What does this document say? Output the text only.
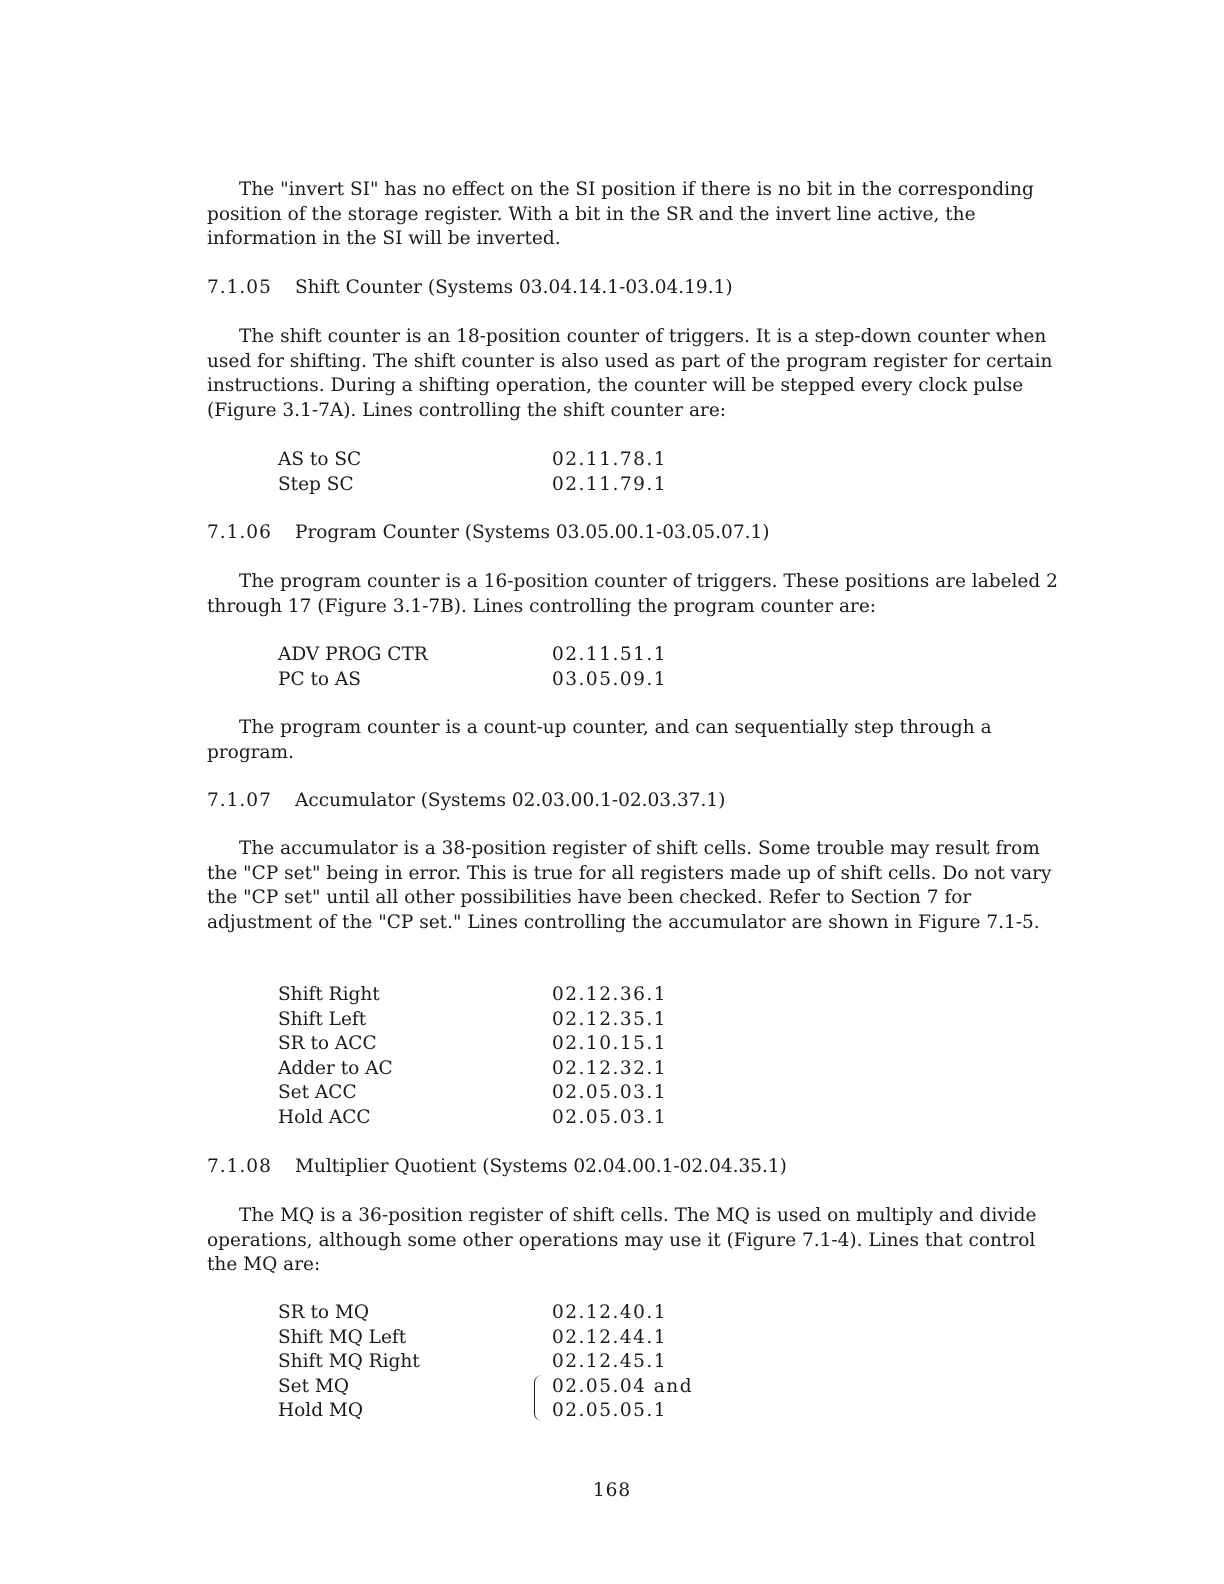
The "invert SI" has no effect on the SI position if there is no bit in the corresponding position of the storage register. With a bit in the SR and the invert line active, the information in the SI will be inverted.

7.1.05 Shift Counter (Systems 03.04.14.1-03.04.19.1)

The shift counter is an 18-position counter of triggers. It is a step-down counter when used for shifting. The shift counter is also used as part of the program register for certain instructions. During a shifting operation, the counter will be stepped every clock pulse (Figure 3.1-7A). Lines controlling the shift counter are:

AS to SC	02.11.78.1
Step SC	02.11.79.1

7.1.06 Program Counter (Systems 03.05.00.1-03.05.07.1)

The program counter is a 16-position counter of triggers. These positions are labeled 2 through 17 (Figure 3.1-7B). Lines controlling the program counter are:

ADV PROG CTR	02.11.51.1
PC to AS	03.05.09.1

The program counter is a count-up counter, and can sequentially step through a program.

7.1.07 Accumulator (Systems 02.03.00.1-02.03.37.1)

The accumulator is a 38-position register of shift cells. Some trouble may result from the "CP set" being in error. This is true for all registers made up of shift cells. Do not vary the "CP set" until all other possibilities have been checked. Refer to Section 7 for adjustment of the "CP set." Lines controlling the accumulator are shown in Figure 7.1-5.

Shift Right	02.12.36.1
Shift Left	02.12.35.1
SR to ACC	02.10.15.1
Adder to AC	02.12.32.1
Set ACC	02.05.03.1
Hold ACC	02.05.03.1

7.1.08 Multiplier Quotient (Systems 02.04.00.1-02.04.35.1)

The MQ is a 36-position register of shift cells. The MQ is used on multiply and divide operations, although some other operations may use it (Figure 7.1-4). Lines that control the MQ are:

SR to MQ	02.12.40.1
Shift MQ Left	02.12.44.1
Shift MQ Right	02.12.45.1
Set MQ	02.05.04 and
Hold MQ	02.05.05.1
168
